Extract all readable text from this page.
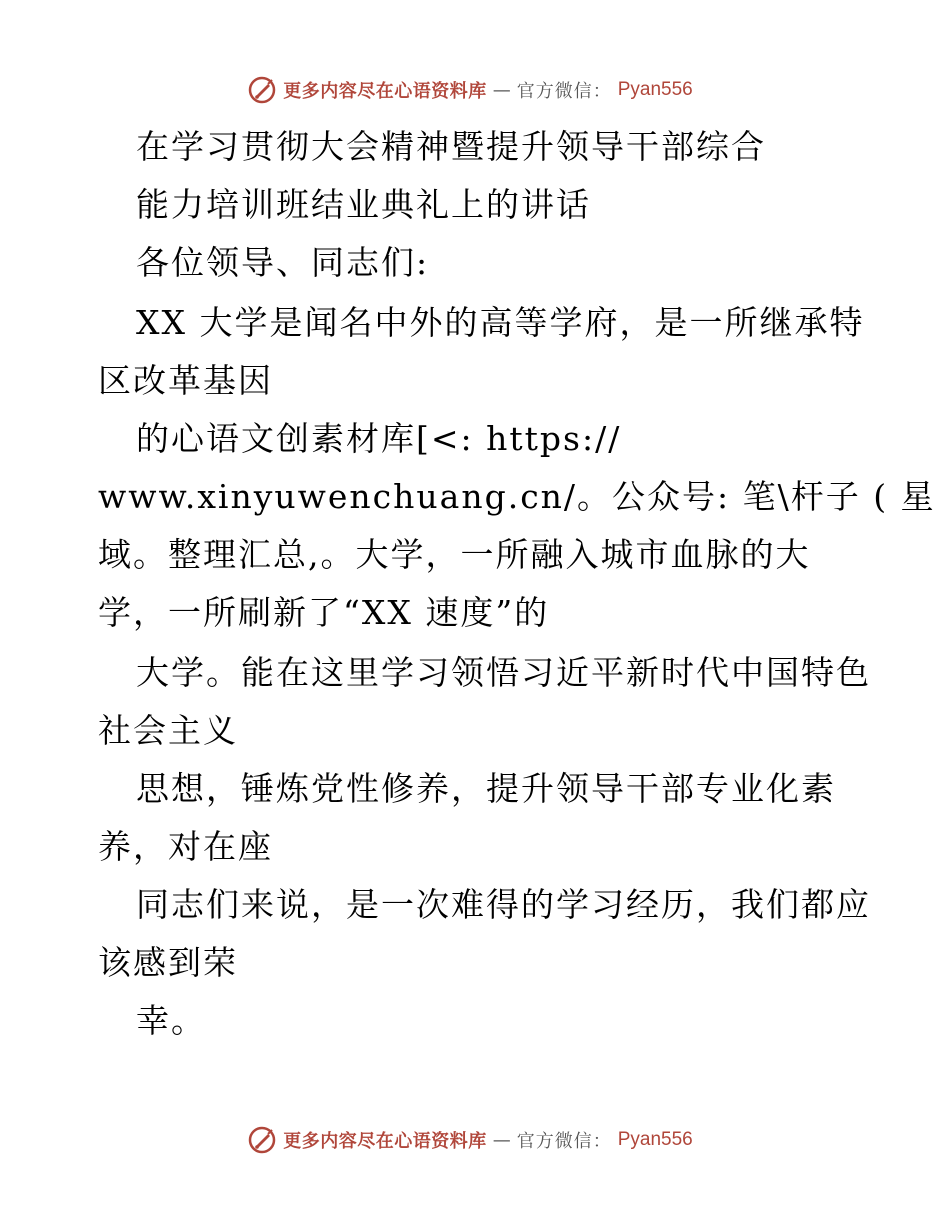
更多内容尽在心语资料库 — 官方微信： Pyan556
在学习贯彻大会精神暨提升领导干部综合
能力培训班结业典礼上的讲话
各位领导、同志们:
XX 大学是闻名中外的高等学府，是一所继承特
区改革基因
的心语文创素材库[<: https://
www.xinyuwenchuang.cn/。公众号: 笔\杆子 ( 星
域。整理汇总,。大学，一所融入城市血脉的大
学，一所刷新了“XX 速度”的
大学。能在这里学习领悟习近平新时代中国特色
社会主义
思想，锤炼党性修养，提升领导干部专业化素
养，对在座
同志们来说，是一次难得的学习经历，我们都应
该感到荣
幸。
更多内容尽在心语资料库 — 官方微信： Pyan556
